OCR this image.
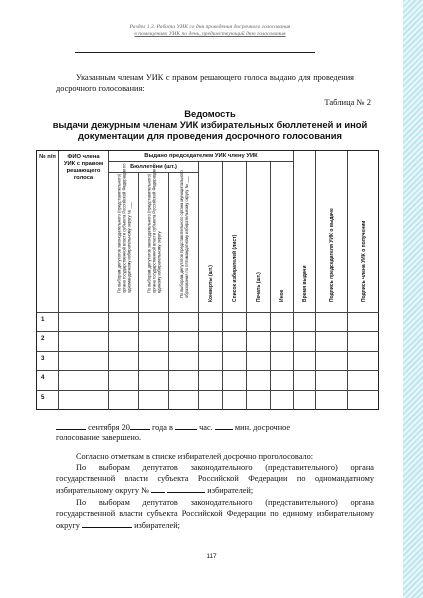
Раздел 1.3. Работа УИК со дня проведения досрочного голосования
в помещениях УИК по день, предшествующий дню голосования
Указанным членам УИК с правом решающего голоса выдано для проведения досрочного голосования:
Таблица № 2
Ведомость
выдачи дежурным членам УИК избирательных бюллетеней и иной документации для проведения досрочного голосования
№ п/п	ФИО члена УИК с правом решающего голоса
Выдано председателем УИК члену УИК
Бюллетени (шт.)
По выборам депутатов законодательного (представительного) органа государственной власти субъекта Российской Федерации по одномандатному избирательному округу № ___	По выборам депутатов законодательного (представительного) органа государственной власти субъекта Российской Федерации по единому избирательному округу	По выборам депутатов представительного органа муниципального образования по пятимандатному избирательному округу № ___	Конверты (шт.)	Список избирателей (лист)	Печать (шт.)	Иное	Время выдачи	Подпись председателя УИК о выдаче	Подпись члена УИК о получении
1
2
3
4
5
сентября 20	года в	час.	мин. досрочное
голосование завершено.
Согласно отметкам в списке избирателей досрочно проголосовало:
По выборам депутатов законодательного (представительного) органа государственной власти субъекта Российской Федерации по одномандатному избирательному округу №	избирателей;
По выборам депутатов законодательного (представительного) органа государственной власти субъекта Российской Федерации по единому избирательному округу	избирателей;
117
